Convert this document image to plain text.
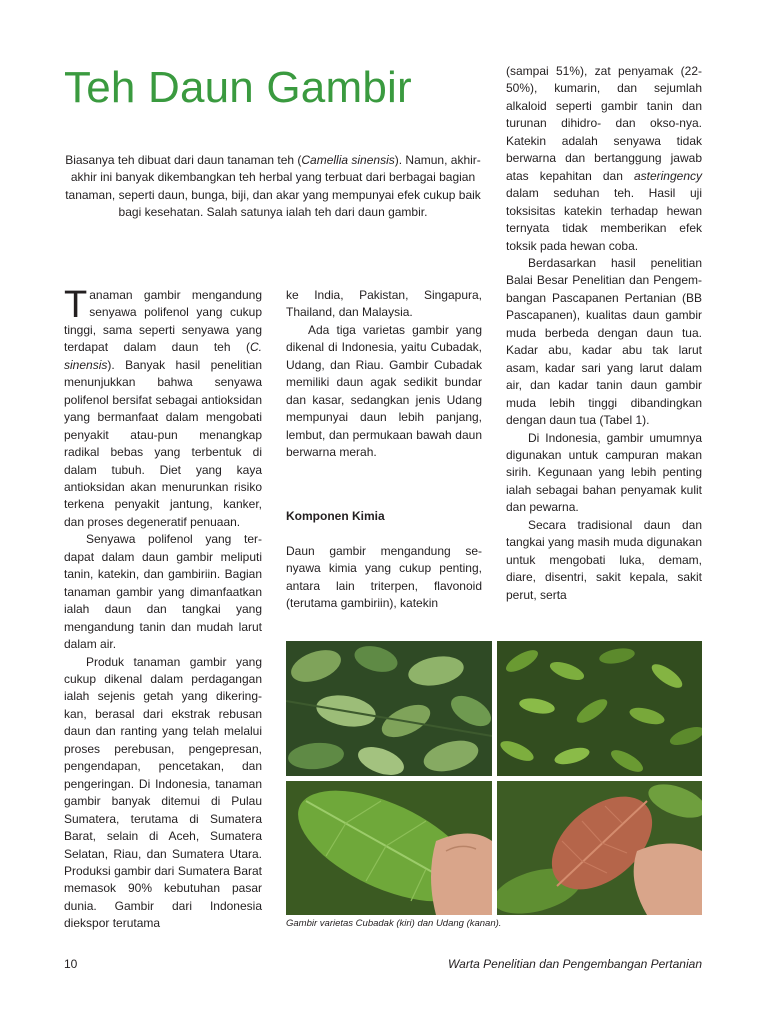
Teh Daun Gambir

Biasanya teh dibuat dari daun tanaman teh (Camellia sinensis). Namun, akhir-akhir ini banyak dikembangkan teh herbal yang terbuat dari berbagai bagian tanaman, seperti daun, bunga, biji, dan akar yang mempunyai efek cukup baik bagi kesehatan. Salah satunya ialah teh dari daun gambir.

Tanaman gambir mengandung senyawa polifenol yang cukup tinggi, sama seperti senyawa yang terdapat dalam daun teh (C. sinensis). Banyak hasil penelitian menunjukkan bahwa senyawa polifenol bersifat sebagai antioksidan yang bermanfaat dalam mengobati penyakit atau-pun menangkap radikal bebas yang terbentuk di dalam tubuh. Diet yang kaya antioksidan akan menurunkan risiko terkena penyakit jantung, kanker, dan proses degeneratif penuaan.

Senyawa polifenol yang ter-dapat dalam daun gambir meliputi tanin, katekin, dan gambiriin. Bagian tanaman gambir yang dimanfaatkan ialah daun dan tangkai yang mengandung tanin dan mudah larut dalam air.

Produk tanaman gambir yang cukup dikenal dalam perdagangan ialah sejenis getah yang dikering-kan, berasal dari ekstrak rebusan daun dan ranting yang telah melalui proses perebusan, pengepresan, pengendapan, pencetakan, dan pengeringan. Di Indonesia, tanaman gambir banyak ditemui di Pulau Sumatera, terutama di Sumatera Barat, selain di Aceh, Sumatera Selatan, Riau, dan Sumatera Utara. Produksi gambir dari Sumatera Barat memasok 90% kebutuhan pasar dunia. Gambir dari Indonesia diekspor terutama

ke India, Pakistan, Singapura, Thailand, dan Malaysia.

Ada tiga varietas gambir yang dikenal di Indonesia, yaitu Cubadak, Udang, dan Riau. Gambir Cubadak memiliki daun agak sedikit bundar dan kasar, sedangkan jenis Udang mempunyai daun lebih panjang, lembut, dan permukaan bawah daun berwarna merah.

Komponen Kimia

Daun gambir mengandung se-nyawa kimia yang cukup penting, antara lain triterpen, flavonoid (terutama gambiriin), katekin

(sampai 51%), zat penyamak (22-50%), kumarin, dan sejumlah alkaloid seperti gambir tanin dan turunan dihidro- dan okso-nya. Katekin adalah senyawa tidak berwarna dan bertanggung jawab atas kepahitan dan asteringency dalam seduhan teh. Hasil uji toksisitas katekin terhadap hewan ternyata tidak memberikan efek toksik pada hewan coba.

Berdasarkan hasil penelitian Balai Besar Penelitian dan Pengem-bangan Pascapanen Pertanian (BB Pascapanen), kualitas daun gambir muda berbeda dengan daun tua. Kadar abu, kadar abu tak larut asam, kadar sari yang larut dalam air, dan kadar tanin daun gambir muda lebih tinggi dibandingkan dengan daun tua (Tabel 1).

Di Indonesia, gambir umumnya digunakan untuk campuran makan sirih. Kegunaan yang lebih penting ialah sebagai bahan penyamak kulit dan pewarna.

Secara tradisional daun dan tangkai yang masih muda digunakan untuk mengobati luka, demam, diare, disentri, sakit kepala, sakit perut, serta

Gambir varietas Cubadak (kiri) dan Udang (kanan).
10	Warta Penelitian dan Pengembangan Pertanian
